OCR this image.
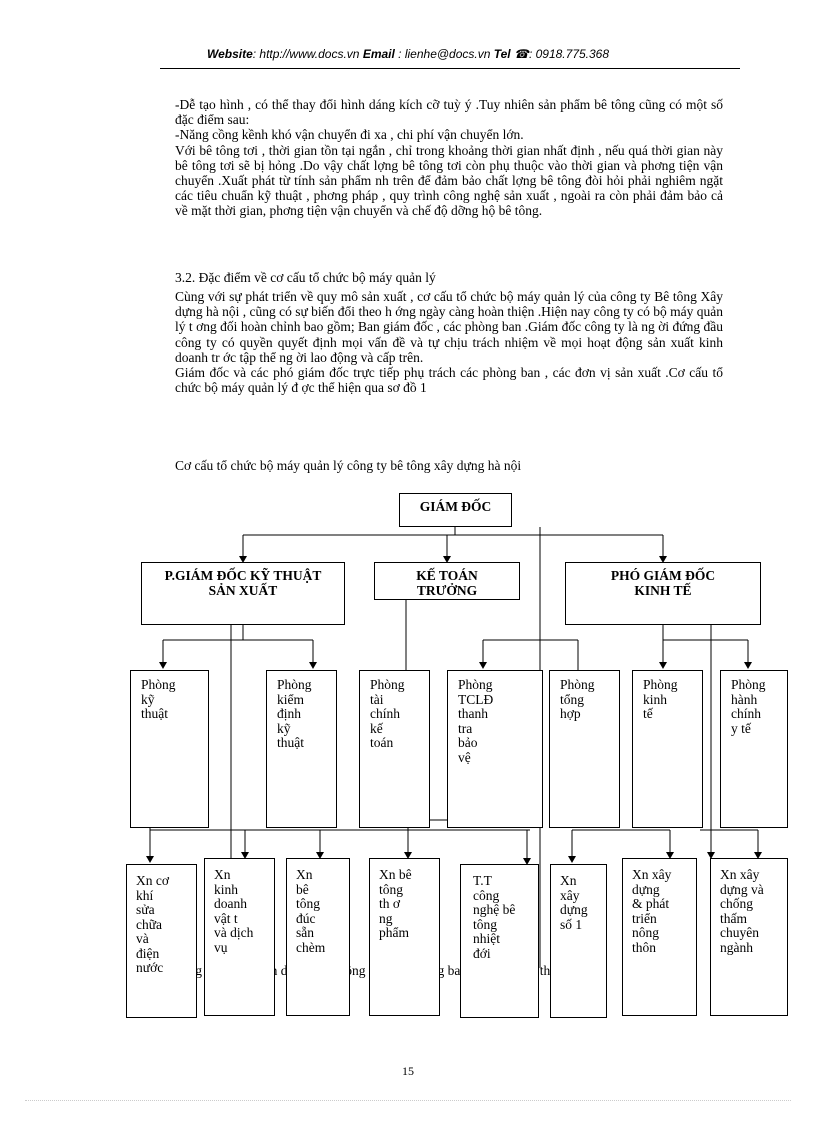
Website: http://www.docs.vn Email : lienhe@docs.vn Tel ☎: 0918.775.368

-Dễ tạo hình , có thể thay đổi hình dáng kích cỡ tuỳ ý .Tuy nhiên sản phẩm bê tông cũng có một số đặc điểm sau:

-Năng cồng kềnh khó vận chuyển đi xa , chi phí vận chuyển lớn.

Với bê tông tơi , thời gian tồn tại ngắn , chỉ trong khoảng thời gian nhất định , nếu quá thời gian này bê tông tơi sẽ bị hỏng .Do vậy chất lợng bê tông tơi còn phụ thuộc vào thời gian và phơng tiện vận chuyển .Xuất phát từ tính sản phẩm nh trên để đảm bảo chất lợng bê tông đòi hỏi phải nghiêm ngặt các tiêu chuẩn kỹ thuật , phơng pháp , quy trình công nghệ sản xuất , ngoài ra còn phải đảm bảo cả về mặt thời gian, phơng tiện vận chuyển và chế độ dỡng hộ bê tông.

3.2. Đặc điểm về cơ cấu tổ chức bộ máy quản lý

Cùng với sự phát triển về quy mô sản xuất , cơ cấu tổ chức bộ máy quản lý của công ty Bê tông Xây dựng hà nội , cũng có sự biến đổi theo h ớng ngày càng hoàn thiện .Hiện nay công ty có bộ máy quản lý t ơng đối hoàn chỉnh bao gồm; Ban giám đốc , các phòng ban .Giám đốc công ty là ng ời đứng đầu công ty có quyền quyết định mọi vấn đề và tự chịu trách nhiệm về mọi hoạt động sản xuất kinh doanh tr ớc tập thể ng ời lao động và cấp trên.

Giám đốc và các phó giám đốc trực tiếp phụ trách các phòng ban , các đơn vị sản xuất .Cơ cấu tổ chức bộ máy quản lý đ ợc thể hiện qua sơ đồ 1

Cơ cấu tổ chức bộ máy quản lý công ty bê tông xây dựng hà nội
công ban
GIÁM ĐỐC
P.GIÁM ĐỐC KỸ THUẬT
SẢN XUẤT
KẾ TOÁN
TRƯỞNG
PHÓ GIÁM ĐỐC
KINH TẾ
Phòng
kỹ
thuật
Phòng
kiểm
định
kỹ
thuật
Phòng
tài
chính
kế
toán
Phòng
TCLĐ
thanh
tra
bảo
vệ
Phòng
tổng
hợp
Phòng
kinh
tế
Phòng
hành
chính
y tế
Xn cơ
khí
sửa
chữa
và
điện
nước
Xn
kinh
doanh
vật t
và dịch
vụ
Xn
bê
tông
đúc
sẵn
chèm
Xn bê
tông
th ơ
ng
phẩm
T.T
công
nghệ bê
tông
nhiệt
đới
Xn
xây
dựng
số 1
Xn xây
dựng
& phát
triển
nông
thôn
Xn xây
dựng và
chống
thấm
chuyên
ngành
15
